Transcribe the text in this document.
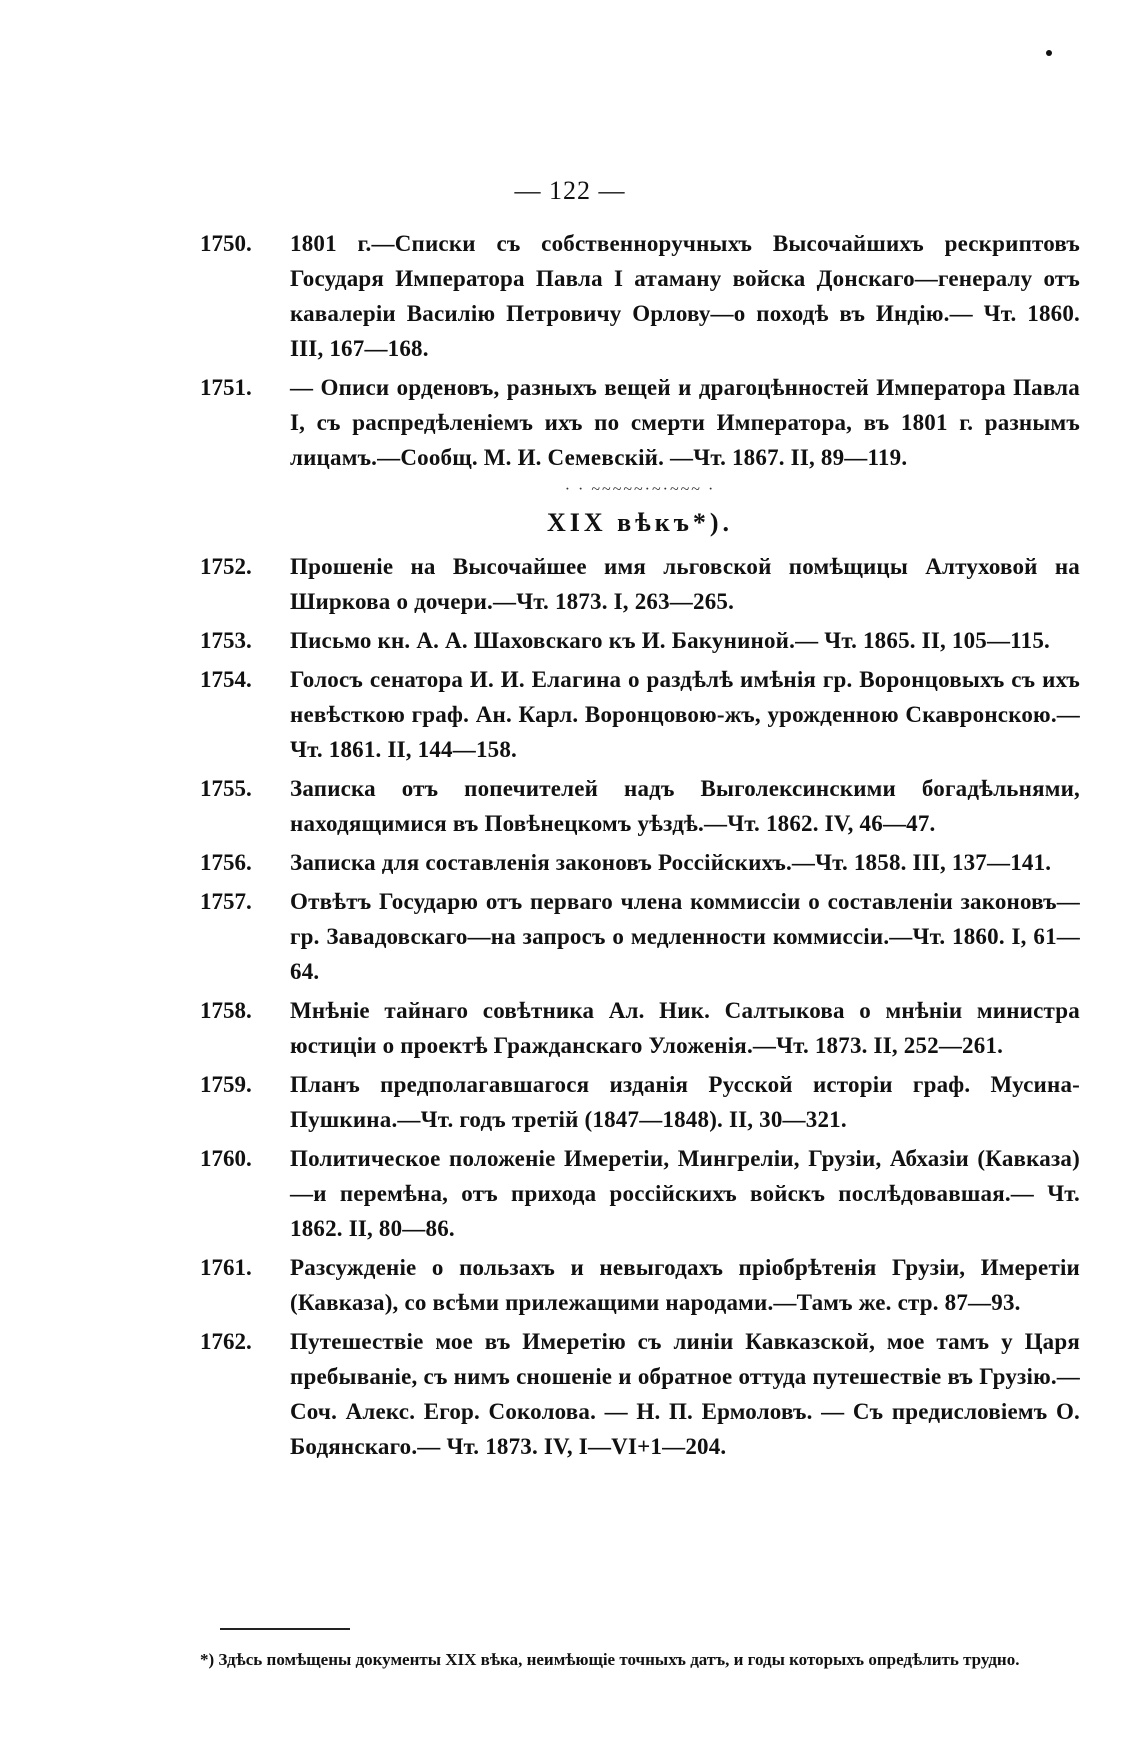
— 122 —
1750.	1801 г.—Списки съ собственноручныхъ Высочайшихъ рескриптовъ Государя Императора Павла I атаману войска Донскаго—генералу отъ кавалеріи Василію Петровичу Орлову—о походѣ въ Индію.— Чт. 1860. III, 167—168.
1751.	— Описи орденовъ, разныхъ вещей и драгоцѣнностей Императора Павла I, съ распредѣленіемъ ихъ по смерти Императора, въ 1801 г. разнымъ лицамъ.—Сообщ. М. И. Семевскій. —Чт. 1867. II, 89—119.
· · ~~~~~·~·~~~ ·
XIX вѣкъ*).
1752.	Прошеніе на Высочайшее имя льговской помѣщицы Алтуховой на Ширкова о дочери.—Чт. 1873. I, 263—265.
1753.	Письмо кн. А. А. Шаховскаго къ И. Бакуниной.— Чт. 1865. II, 105—115.
1754.	Голосъ сенатора И. И. Елагина о раздѣлѣ имѣнія гр. Воронцовыхъ съ ихъ невѣсткою граф. Ан. Карл. Воронцовою-жъ, урожденною Скавронскою.—Чт. 1861. II, 144—158.
1755.	Записка отъ попечителей надъ Выголексинскими богадѣльнями, находящимися въ Повѣнецкомъ уѣздѣ.—Чт. 1862. IV, 46—47.
1756.	Записка для составленія законовъ Россійскихъ.—Чт. 1858. III, 137—141.
1757.	Отвѣтъ Государю отъ перваго члена коммиссіи о составленіи законовъ—гр. Завадовскаго—на запросъ о медленности коммиссіи.—Чт. 1860. I, 61—64.
1758.	Мнѣніе тайнаго совѣтника Ал. Ник. Салтыкова о мнѣніи министра юстиціи о проектѣ Гражданскаго Уложенія.—Чт. 1873. II, 252—261.
1759.	Планъ предполагавшагося изданія Русской исторіи граф. Мусина-Пушкина.—Чт. годъ третій (1847—1848). II, 30—321.
1760.	Политическое положеніе Имеретіи, Мингреліи, Грузіи, Абхазіи (Кавказа)—и перемѣна, отъ прихода россійскихъ войскъ послѣдовавшая.— Чт. 1862. II, 80—86.
1761.	Разсужденіе о пользахъ и невыгодахъ пріобрѣтенія Грузіи, Имеретіи (Кавказа), со всѣми прилежащими народами.—Тамъ же. стр. 87—93.
1762.	Путешествіе мое въ Имеретію съ линіи Кавказской, мое тамъ у Царя пребываніе, съ нимъ сношеніе и обратное оттуда путешествіе въ Грузію.—Соч. Алекс. Егор. Соколова. — Н. П. Ермоловъ. — Съ предисловіемъ О. Бодянскаго.— Чт. 1873. IV, I—VI+1—204.
*) Здѣсь помѣщены документы XIX вѣка, неимѣющіе точныхъ датъ, и годы которыхъ опредѣлить трудно.
